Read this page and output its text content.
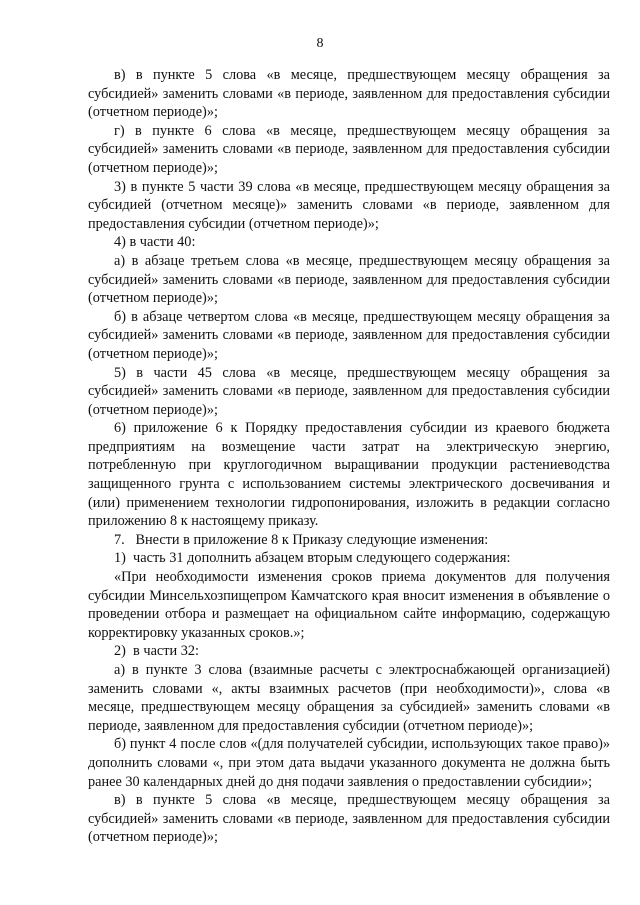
8

в) в пункте 5 слова «в месяце, предшествующем месяцу обращения за субсидией» заменить словами «в периоде, заявленном для предоставления субсидии (отчетном периоде)»;

г) в пункте 6 слова «в месяце, предшествующем месяцу обращения за субсидией» заменить словами «в периоде, заявленном для предоставления субсидии (отчетном периоде)»;

3) в пункте 5 части 39 слова «в месяце, предшествующем месяцу обращения за субсидией (отчетном месяце)» заменить словами «в периоде, заявленном для предоставления субсидии (отчетном периоде)»;

4) в части 40:

а) в абзаце третьем слова «в месяце, предшествующем месяцу обращения за субсидией» заменить словами «в периоде, заявленном для предоставления субсидии (отчетном периоде)»;

б) в абзаце четвертом слова «в месяце, предшествующем месяцу обращения за субсидией» заменить словами «в периоде, заявленном для предоставления субсидии (отчетном периоде)»;

5) в части 45 слова «в месяце, предшествующем месяцу обращения за субсидией» заменить словами «в периоде, заявленном для предоставления субсидии (отчетном периоде)»;

6) приложение 6 к Порядку предоставления субсидии из краевого бюджета предприятиям на возмещение части затрат на электрическую энергию, потребленную при круглогодичном выращивании продукции растениеводства защищенного грунта с использованием системы электрического досвечивания и (или) применением технологии гидропонирования, изложить в редакции согласно приложению 8 к настоящему приказу.

7.   Внести в приложение 8 к Приказу следующие изменения:

1)  часть 31 дополнить абзацем вторым следующего содержания:

«При необходимости изменения сроков приема документов для получения субсидии Минсельхозпищепром Камчатского края вносит изменения в объявление о проведении отбора и размещает на официальном сайте информацию, содержащую корректировку указанных сроков.»;

2)  в части 32:

а) в пункте 3 слова (взаимные расчеты с электроснабжающей организацией) заменить словами «, акты взаимных расчетов (при необходимости)», слова «в месяце, предшествующем месяцу обращения за субсидией» заменить словами «в периоде, заявленном для предоставления субсидии (отчетном периоде)»;

б) пункт 4 после слов «(для получателей субсидии, использующих такое право)» дополнить словами «, при этом дата выдачи указанного документа не должна быть ранее 30 календарных дней до дня подачи заявления о предоставлении субсидии»;

в) в пункте 5 слова «в месяце, предшествующем месяцу обращения за субсидией» заменить словами «в периоде, заявленном для предоставления субсидии (отчетном периоде)»;
